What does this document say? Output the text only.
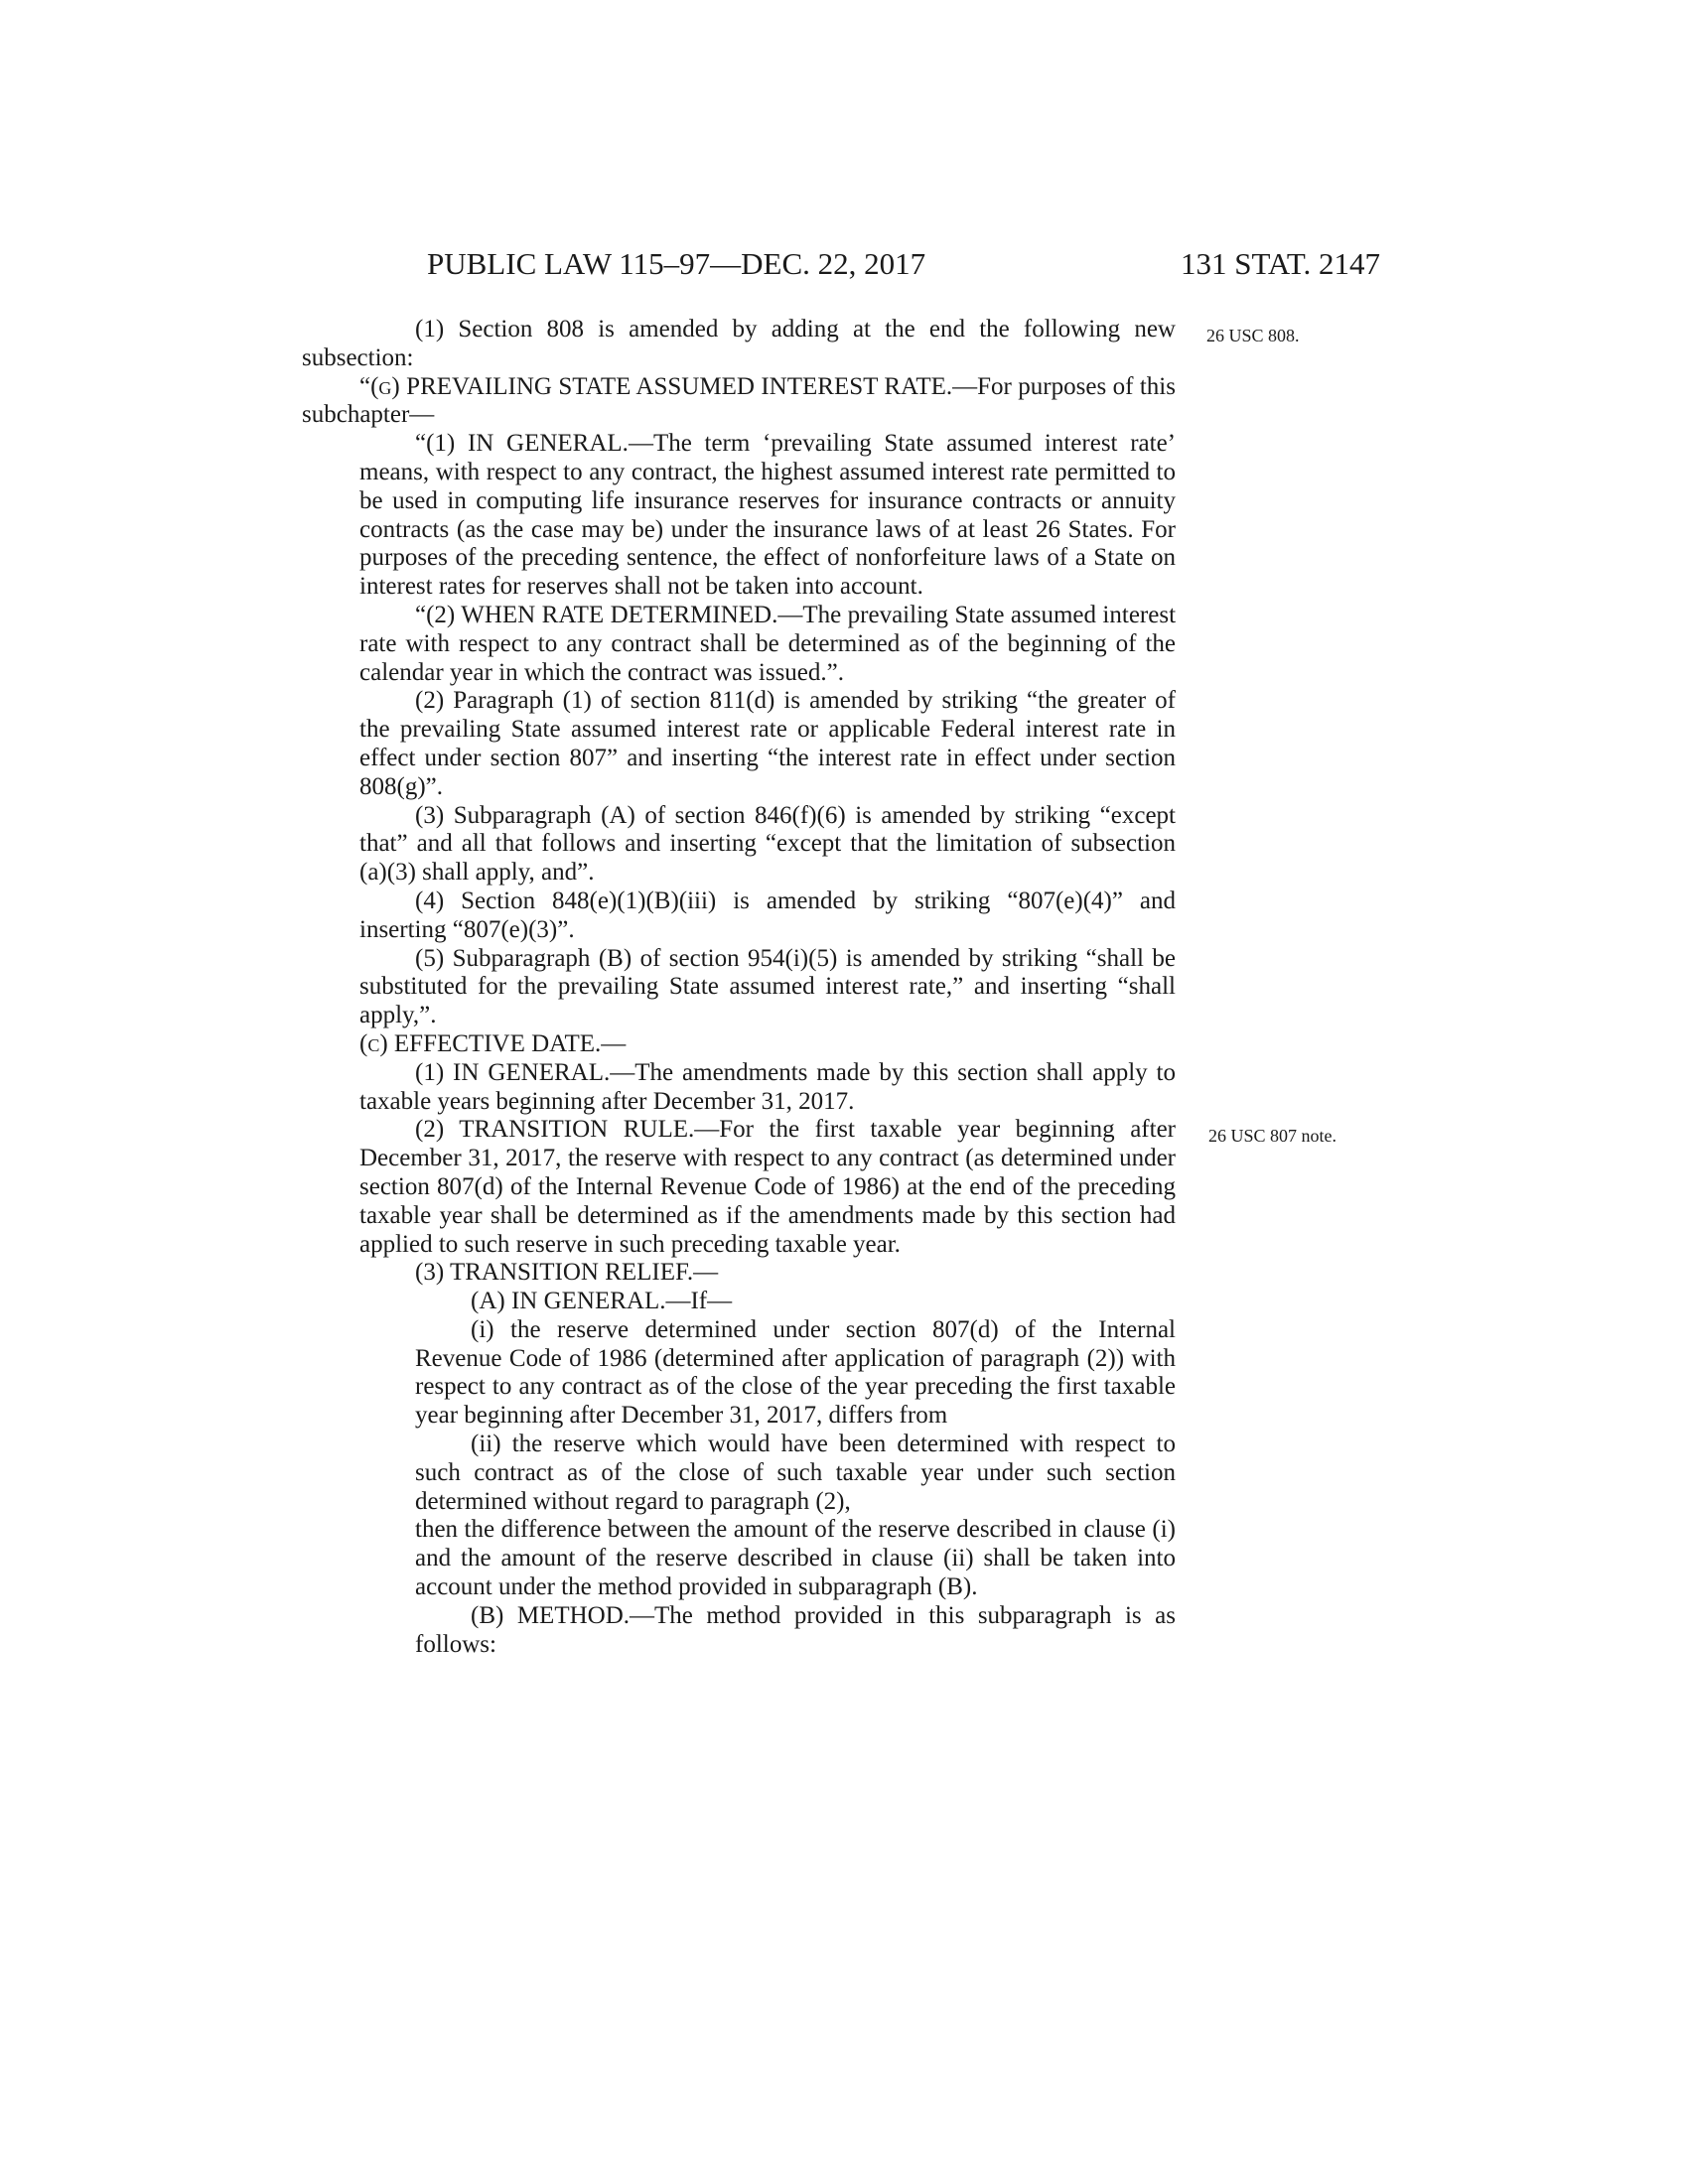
PUBLIC LAW 115–97—DEC. 22, 2017	131 STAT. 2147
26 USC 808.
26 USC 807 note.

(1) Section 808 is amended by adding at the end the following new subsection:

“(g) PREVAILING STATE ASSUMED INTEREST RATE.—For purposes of this subchapter—

“(1) IN GENERAL.—The term ‘prevailing State assumed interest rate’ means, with respect to any contract, the highest assumed interest rate permitted to be used in computing life insurance reserves for insurance contracts or annuity contracts (as the case may be) under the insurance laws of at least 26 States. For purposes of the preceding sentence, the effect of nonforfeiture laws of a State on interest rates for reserves shall not be taken into account.

“(2) WHEN RATE DETERMINED.—The prevailing State assumed interest rate with respect to any contract shall be determined as of the beginning of the calendar year in which the contract was issued.”.

(2) Paragraph (1) of section 811(d) is amended by striking “the greater of the prevailing State assumed interest rate or applicable Federal interest rate in effect under section 807” and inserting “the interest rate in effect under section 808(g)”.

(3) Subparagraph (A) of section 846(f)(6) is amended by striking “except that” and all that follows and inserting “except that the limitation of subsection (a)(3) shall apply, and”.

(4) Section 848(e)(1)(B)(iii) is amended by striking “807(e)(4)” and inserting “807(e)(3)”.

(5) Subparagraph (B) of section 954(i)(5) is amended by striking “shall be substituted for the prevailing State assumed interest rate,” and inserting “shall apply,”.

(c) EFFECTIVE DATE.—

(1) IN GENERAL.—The amendments made by this section shall apply to taxable years beginning after December 31, 2017.

(2) TRANSITION RULE.—For the first taxable year beginning after December 31, 2017, the reserve with respect to any contract (as determined under section 807(d) of the Internal Revenue Code of 1986) at the end of the preceding taxable year shall be determined as if the amendments made by this section had applied to such reserve in such preceding taxable year.

(3) TRANSITION RELIEF.—

(A) IN GENERAL.—If—

(i) the reserve determined under section 807(d) of the Internal Revenue Code of 1986 (determined after application of paragraph (2)) with respect to any contract as of the close of the year preceding the first taxable year beginning after December 31, 2017, differs from

(ii) the reserve which would have been determined with respect to such contract as of the close of such taxable year under such section determined without regard to paragraph (2),

then the difference between the amount of the reserve described in clause (i) and the amount of the reserve described in clause (ii) shall be taken into account under the method provided in subparagraph (B).

(B) METHOD.—The method provided in this subparagraph is as follows:
